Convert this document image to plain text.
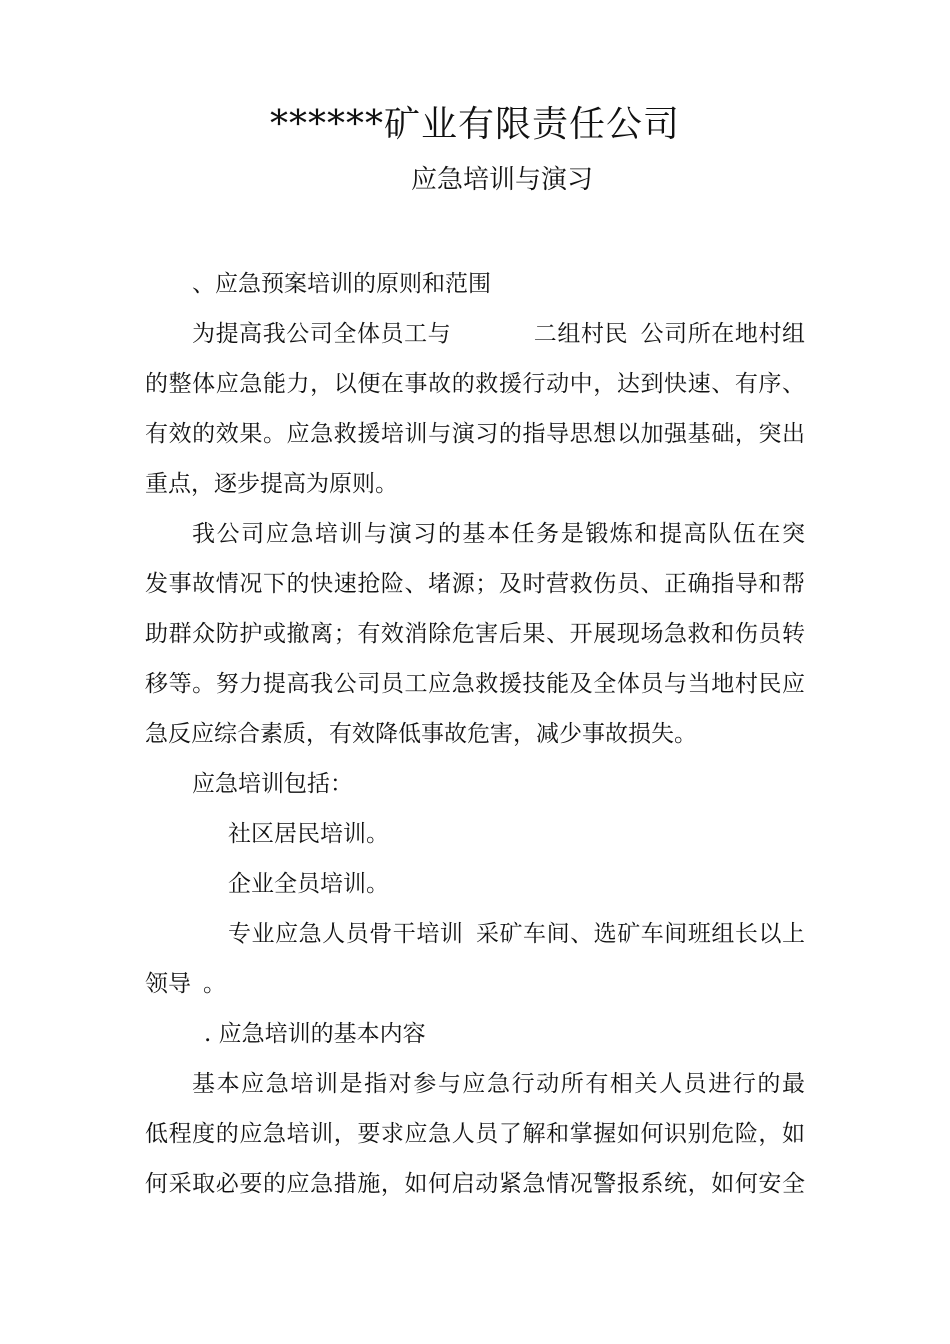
******矿业有限责任公司
应急培训与演习
、应急预案培训的原则和范围
为提高我公司全体员工与	二组村民 公司所在地村组
的整体应急能力，以便在事故的救援行动中，达到快速、有序、
有效的效果。应急救援培训与演习的指导思想以加强基础，突出
重点，逐步提高为原则。
我公司应急培训与演习的基本任务是锻炼和提高队伍在突
发事故情况下的快速抢险、堵源；及时营救伤员、正确指导和帮
助群众防护或撤离；有效消除危害后果、开展现场急救和伤员转
移等。努力提高我公司员工应急救援技能及全体员与当地村民应
急反应综合素质，有效降低事故危害，减少事故损失。
应急培训包括：
社区居民培训。
企业全员培训。
专业应急人员骨干培训 采矿车间、选矿车间班组长以上
领导 。
. 应急培训的基本内容
基本应急培训是指对参与应急行动所有相关人员进行的最
低程度的应急培训，要求应急人员了解和掌握如何识别危险，如
何采取必要的应急措施，如何启动紧急情况警报系统，如何安全
